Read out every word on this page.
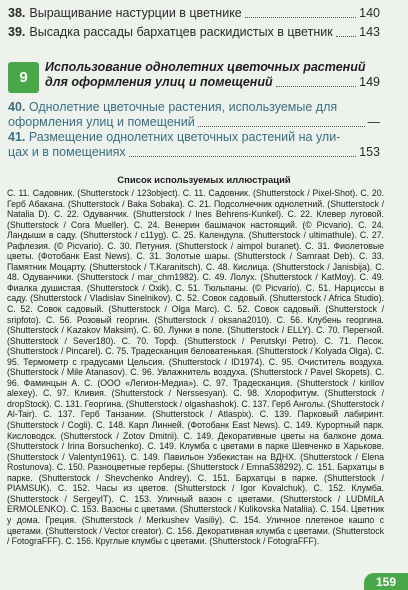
38. Выращивание настурции в цветнике	140
39. Высадка рассады бархатцев раскидистых в цветник 143
9
Использование однолетних цветочных растений
для оформления улиц и помещений	149
40. Однолетние цветочные растения, используемые для
оформления улиц и помещений	—
41. Размещение однолетних цветочных растений на ули-
цах и в помещениях	153
Список используемых иллюстраций
С. 11. Садовник. (Shutterstock / 123object). С. 11. Садовник. (Shutterstock / Pixel-Shot). С. 20. Герб Абакана. (Shutterstock / Baka Sobaka). С. 21. Подсолнечник однолетний. (Shutterstock / Natalia D). С. 22. Одуванчик. (Shutterstock / Ines Behrens-Kunkel). С. 22. Клевер луговой. (Shutterstock / Cora Mueller). С. 24. Венерин башмачок настоящий. (© Picvario). С. 24. Ландыши в саду. (Shutterstock / c11yg). С. 25. Календула. (Shutterstock / ultimathule). С. 27. Рафлезия. (© Picvario). С. 30. Петуния. (Shutterstock / aimpol buranet). С. 31. Фиолетовые цветы. (Фотобанк East News). С. 31. Золотые шары. (Shutterstock / Samraat Deb). С. 33. Памятник Моцарту. (Shutterstock / T.Karanitsch). С. 48. Кислица. (Shutterstock / Janisbija). С. 48. Одуванчики. (Shutterstock / mar_chm1982). С. 49. Лолух. (Shutterstock / KatMoy). С. 49. Фиалка душистая. (Shutterstock / Oxik). С. 51. Тюльпаны. (© Picvario). С. 51. Нарциссы в саду. (Shutterstock / Vladislav Sinelnikov). С. 52. Совок садовый. (Shutterstock / Africa Studio). С. 52. Совок садовый. (Shutterstock / Olga Marc). С. 52. Совок садовый. (Shutterstock / sripfoto). С. 56. Розовый георгин. (Shutterstock / oksana2010). С. 56. Клубень георгина. (Shutterstock / Kazakov Maksim). С. 60. Лунки в поле. (Shutterstock / ELLY). С. 70. Перегной. (Shutterstock / Sever180). С. 70. Торф. (Shutterstock / Perutskyi Petro). С. 71. Песок. (Shutterstock / Pincarel). С. 75. Традесканция беловатенькая. (Shutterstock / Kolyada Olga). С. 95. Термометр с градусами Цельсия. (Shutterstock / ID1974). С. 95. Очиститель воздуха. (Shutterstock / Mile Atanasov). С. 96. Увлажнитель воздуха. (Shutterstock / Pavel Skopets). С. 96. Фаминцын А. С. (ООО «Легион-Медиа»). С. 97. Традесканция. (Shutterstock / kirillov alexey). С. 97. Кливия. (Shutterstock / Nerssesyan). С. 98. Хлорофитум. (Shutterstock / dropStock). С. 131. Георгина. (Shutterstock / olgashashok). С. 137. Герб Анголы. (Shutterstock / Al-Tair). С. 137. Герб Танзании. (Shutterstock / Atlaspix). С. 139. Парковый лабиринт. (Shutterstock / Cogli). С. 148. Карл Линней. (Фотобанк East News). С. 149. Курортный парк. Кисловодск. (Shutterstock / Zotov Dmitrii). С. 149. Декоративные цветы на балконе дома. (Shutterstock / Irina Borsuchenko). С. 149. Клумба с цветами в парке Шевченко в Харькове. (Shutterstock / Valentyn1961). С. 149. Павильон Узбекистан на ВДНХ. (Shutterstock / Elena Rostunova). С. 150. Разноцветные герберы. (Shutterstock / Emna538292). С. 151. Бархатцы в парке. (Shutterstock / Shevchenko Andrey). С. 151. Бархатцы в парке. (Shutterstock / PIAMSUK). С. 152. Часы из цветов. (Shutterstock / Igor Kovalchuk). С. 152. Клумба. (Shutterstock / SergeyIT). С. 153. Уличный вазон с цветами. (Shutterstock / LUDMILA ERMOLENKO). С. 153. Вазоны с цветами. (Shutterstock / Kulikovska Nataliia). С. 154. Цветник у дома. Греция. (Shutterstock / Merkushev Vasiliy). С. 154. Уличное плетеное кашпо с цветами. (Shutterstock / Vector creator). С. 156. Декоративная клумба с цветами. (Shutterstock / FotograFFF). С. 156. Круглые клумбы с цветами. (Shutterstock / FotograFFF).
159
